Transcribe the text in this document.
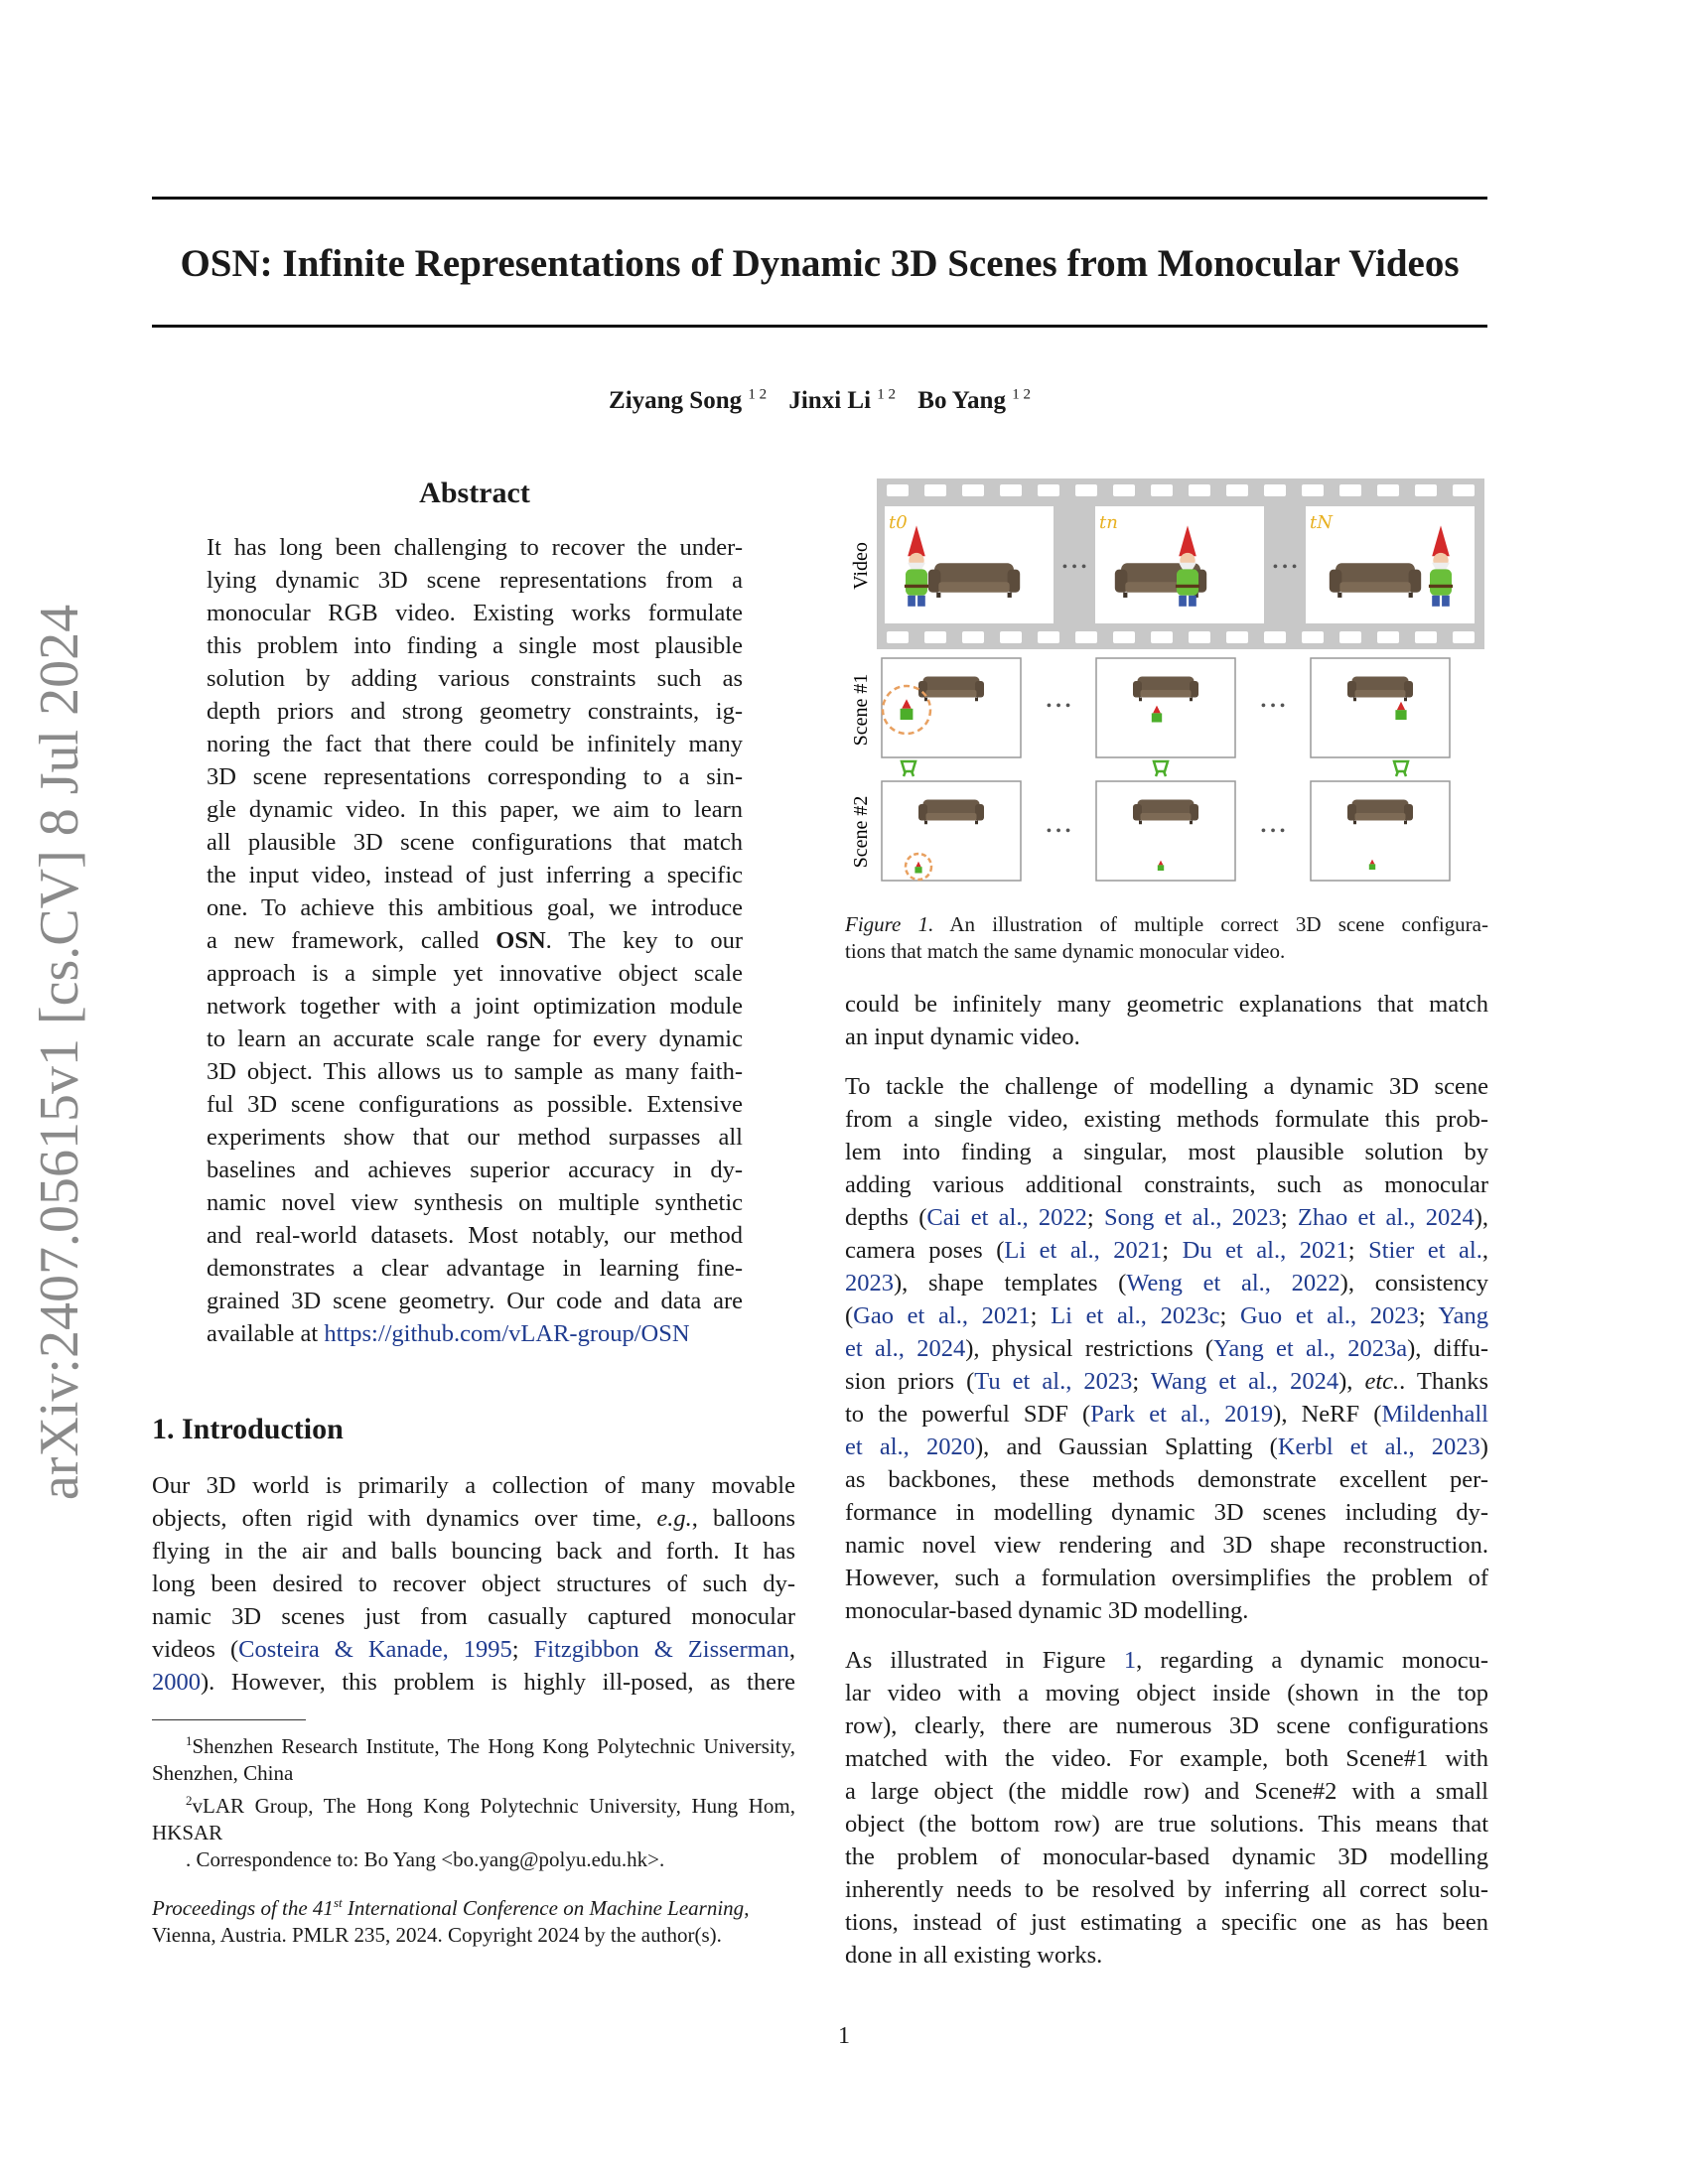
OSN: Infinite Representations of Dynamic 3D Scenes from Monocular Videos
Ziyang Song $^{1 2}$ Jinxi Li $^{1 2}$ Bo Yang $^{1 2}$
arXiv:2407.05615v1 [cs.CV] 8 Jul 2024
Abstract
It has long been challenging to recover the under-
lying dynamic 3D scene representations from a
monocular RGB video. Existing works formulate
this problem into finding a single most plausible
solution by adding various constraints such as
depth priors and strong geometry constraints, ig-
noring the fact that there could be infinitely many
3D scene representations corresponding to a sin-
gle dynamic video. In this paper, we aim to learn
all plausible 3D scene configurations that match
the input video, instead of just inferring a specific
one. To achieve this ambitious goal, we introduce
a new framework, called OSN. The key to our
approach is a simple yet innovative object scale
network together with a joint optimization module
to learn an accurate scale range for every dynamic
3D object. This allows us to sample as many faith-
ful 3D scene configurations as possible. Extensive
experiments show that our method surpasses all
baselines and achieves superior accuracy in dy-
namic novel view synthesis on multiple synthetic
and real-world datasets. Most notably, our method
demonstrates a clear advantage in learning fine-
grained 3D scene geometry. Our code and data are
available at https://github.com/vLAR-group/OSN
1. Introduction
Our 3D world is primarily a collection of many movable
objects, often rigid with dynamics over time, e.g., balloons
flying in the air and balls bouncing back and forth. It has
long been desired to recover object structures of such dy-
namic 3D scenes just from casually captured monocular
videos (Costeira & Kanade, 1995; Fitzgibbon & Zisserman,
2000). However, this problem is highly ill-posed, as there
$^1$Shenzhen Research Institute, The Hong Kong Polytechnic University, Shenzhen, China
$^2$vLAR Group, The Hong Kong Polytechnic University, Hung Hom, HKSAR
. Correspondence to: Bo Yang <bo.yang@polyu.edu.hk>.
Proceedings of the 41st International Conference on Machine Learning, Vienna, Austria. PMLR 235, 2024. Copyright 2024 by the author(s).
t0	tn	tN
• • •	• • •
• • •	• • •
• • •	• • •
Video
Scene #1
Scene #2
Figure 1. An illustration of multiple correct 3D scene configura-
tions that match the same dynamic monocular video.
could be infinitely many geometric explanations that match
an input dynamic video.
To tackle the challenge of modelling a dynamic 3D scene
from a single video, existing methods formulate this prob-
lem into finding a singular, most plausible solution by
adding various additional constraints, such as monocular
depths (Cai et al., 2022; Song et al., 2023; Zhao et al., 2024),
camera poses (Li et al., 2021; Du et al., 2021; Stier et al.,
2023), shape templates (Weng et al., 2022), consistency
(Gao et al., 2021; Li et al., 2023c; Guo et al., 2023; Yang
et al., 2024), physical restrictions (Yang et al., 2023a), diffu-
sion priors (Tu et al., 2023; Wang et al., 2024), etc.. Thanks
to the powerful SDF (Park et al., 2019), NeRF (Mildenhall
et al., 2020), and Gaussian Splatting (Kerbl et al., 2023)
as backbones, these methods demonstrate excellent per-
formance in modelling dynamic 3D scenes including dy-
namic novel view rendering and 3D shape reconstruction.
However, such a formulation oversimplifies the problem of
monocular-based dynamic 3D modelling.
As illustrated in Figure 1, regarding a dynamic monocu-
lar video with a moving object inside (shown in the top
row), clearly, there are numerous 3D scene configurations
matched with the video. For example, both Scene#1 with
a large object (the middle row) and Scene#2 with a small
object (the bottom row) are true solutions. This means that
the problem of monocular-based dynamic 3D modelling
inherently needs to be resolved by inferring all correct solu-
tions, instead of just estimating a specific one as has been
done in all existing works.
1
